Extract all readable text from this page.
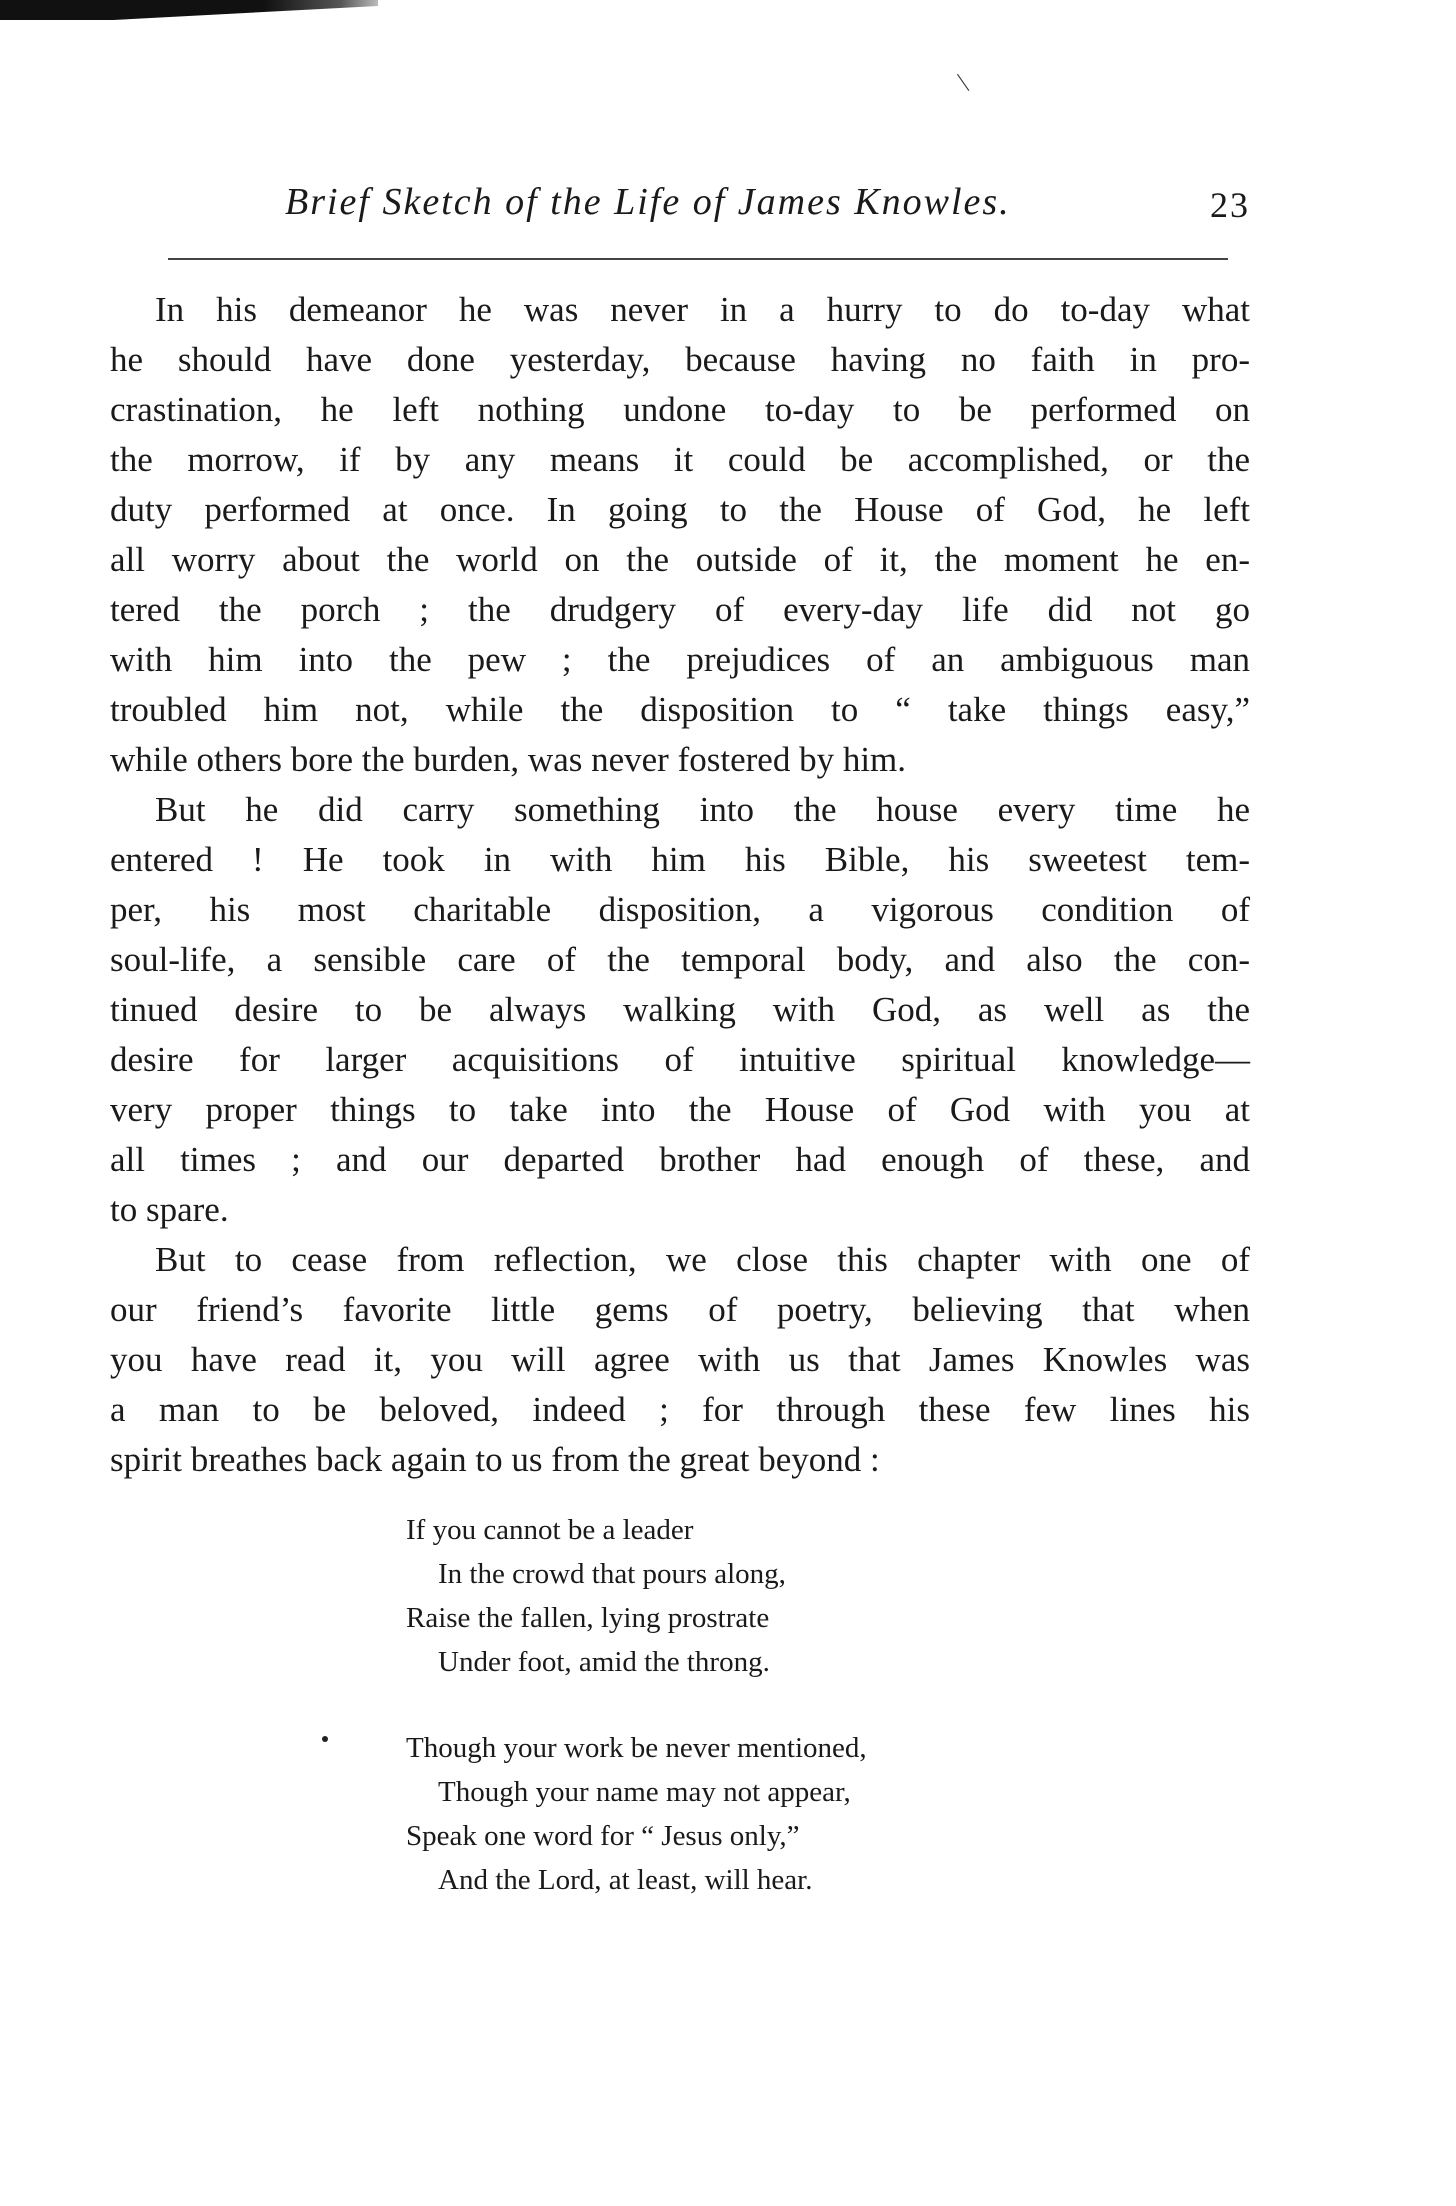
|
Brief Sketch of the Life of James Knowles.	23
In his demeanor he was never in a hurry to do to-day what
he should have done yesterday, because having no faith in pro-
crastination, he left nothing undone to-day to be performed on
the morrow, if by any means it could be accomplished, or the
duty performed at once. In going to the House of God, he left
all worry about the world on the outside of it, the moment he en-
tered the porch ; the drudgery of every-day life did not go
with him into the pew ; the prejudices of an ambiguous man
troubled him not, while the disposition to “ take things easy,”
while others bore the burden, was never fostered by him.
But he did carry something into the house every time he
entered ! He took in with him his Bible, his sweetest tem-
per, his most charitable disposition, a vigorous condition of
soul-life, a sensible care of the temporal body, and also the con-
tinued desire to be always walking with God, as well as the
desire for larger acquisitions of intuitive spiritual knowledge—
very proper things to take into the House of God with you at
all times ; and our departed brother had enough of these, and
to spare.
But to cease from reflection, we close this chapter with one of
our friend’s favorite little gems of poetry, believing that when
you have read it, you will agree with us that James Knowles was
a man to be beloved, indeed ; for through these few lines his
spirit breathes back again to us from the great beyond :
If you cannot be a leader
In the crowd that pours along,
Raise the fallen, lying prostrate
Under foot, amid the throng.
Though your work be never mentioned,
Though your name may not appear,
Speak one word for “ Jesus only,”
And the Lord, at least, will hear.
